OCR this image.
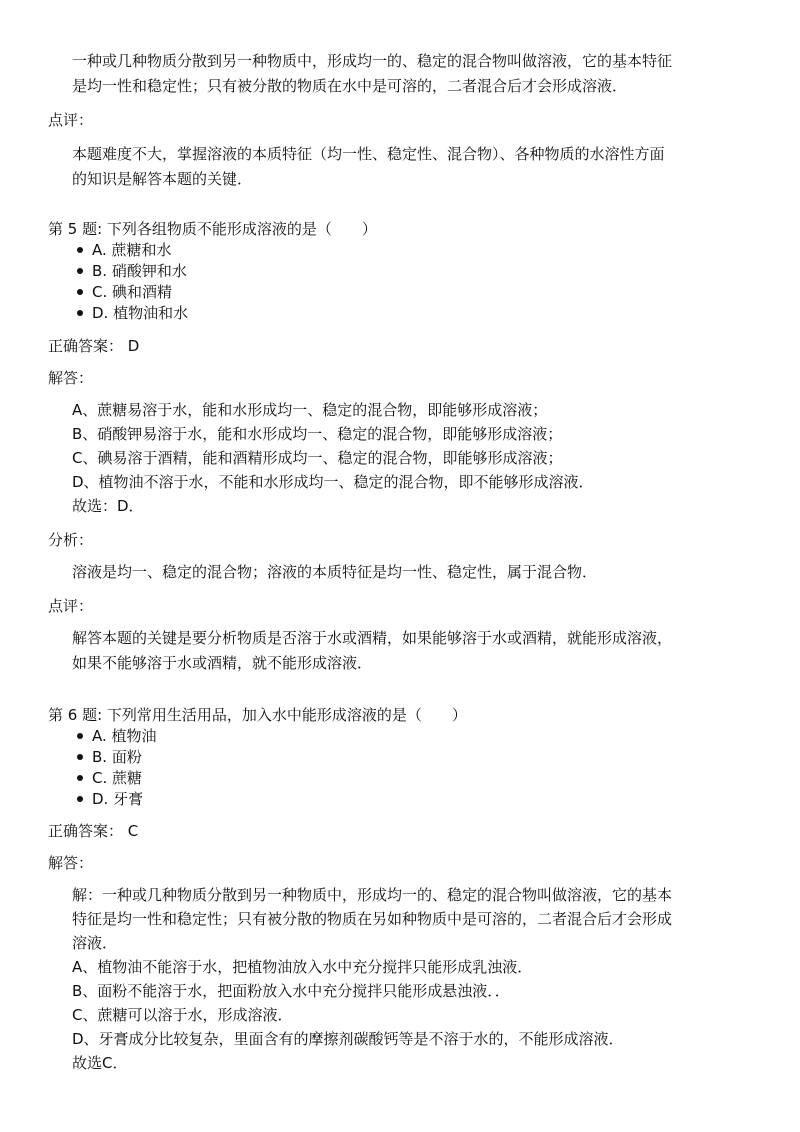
一种或几种物质分散到另一种物质中，形成均一的、稳定的混合物叫做溶液，它的基本特征
是均一性和稳定性；只有被分散的物质在水中是可溶的，二者混合后才会形成溶液．
点评：
本题难度不大，掌握溶液的本质特征（均一性、稳定性、混合物）、各种物质的水溶性方面
的知识是解答本题的关键．
第 5 题: 下列各组物质不能形成溶液的是（　　）
A. 蔗糖和水
B. 硝酸钾和水
C. 碘和酒精
D. 植物油和水
正确答案： D
解答：
A、蔗糖易溶于水，能和水形成均一、稳定的混合物，即能够形成溶液；
B、硝酸钾易溶于水，能和水形成均一、稳定的混合物，即能够形成溶液；
C、碘易溶于酒精，能和酒精形成均一、稳定的混合物，即能够形成溶液；
D、植物油不溶于水，不能和水形成均一、稳定的混合物，即不能够形成溶液．
故选：D．
分析：
溶液是均一、稳定的混合物；溶液的本质特征是均一性、稳定性，属于混合物．
点评：
解答本题的关键是要分析物质是否溶于水或酒精，如果能够溶于水或酒精，就能形成溶液，
如果不能够溶于水或酒精，就不能形成溶液．
第 6 题: 下列常用生活用品，加入水中能形成溶液的是（　　）
A. 植物油
B. 面粉
C. 蔗糖
D. 牙膏
正确答案： C
解答：
解：一种或几种物质分散到另一种物质中，形成均一的、稳定的混合物叫做溶液，它的基本
特征是均一性和稳定性；只有被分散的物质在另如种物质中是可溶的，二者混合后才会形成
溶液．
A、植物油不能溶于水，把植物油放入水中充分搅拌只能形成乳浊液．
B、面粉不能溶于水，把面粉放入水中充分搅拌只能形成悬浊液．．
C、蔗糖可以溶于水，形成溶液．
D、牙膏成分比较复杂，里面含有的摩擦剂碳酸钙等是不溶于水的，不能形成溶液．
故选C．
